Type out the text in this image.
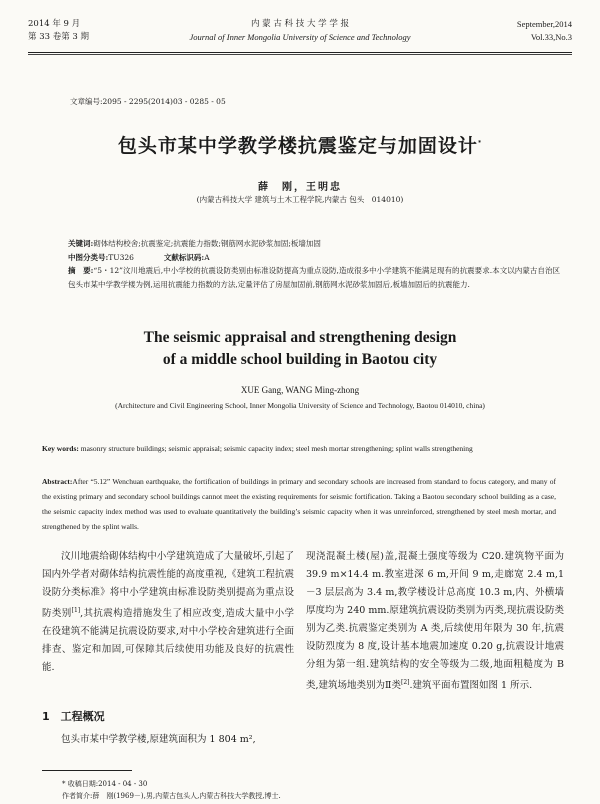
2014 年 9 月
第 33 卷第 3 期
内 蒙 古 科 技 大 学 学 报
Journal of Inner Mongolia University of Science and Technology
September,2014
Vol.33,No.3
文章编号:2095 - 2295(2014)03 - 0285 - 05
包头市某中学教学楼抗震鉴定与加固设计*
薛　刚，王明忠
(内蒙古科技大学 建筑与土木工程学院,内蒙古 包头　014010)
关键词:砌体结构校舍;抗震鉴定;抗震能力指数;钢筋网水泥砂浆加固;板墙加固
中图分类号:TU326	文献标识码:A
摘　要:“5・12”汶川地震后,中小学校的抗震设防类别由标准设防提高为重点设防,造成很多中小学建筑不能满足现有的抗震要求.本文以内蒙古自治区包头市某中学教学楼为例,运用抗震能力指数的方法,定量评估了房屋加固前,钢筋网水泥砂浆加固后,板墙加固后的抗震能力.
The seismic appraisal and strengthening design
of a middle school building in Baotou city
XUE Gang, WANG Ming-zhong
(Architecture and Civil Engineering School, Inner Mongolia University of Science and Technology, Baotou 014010, china)
Key words: masonry structure buildings; seismic appraisal; seismic capacity index; steel mesh mortar strengthening; splint walls strengthening
Abstract:After “5.12” Wenchuan earthquake, the fortification of buildings in primary and secondary schools are increased from standard to focus category, and many of the existing primary and secondary school buildings cannot meet the existing requirements for seismic fortification. Taking a Baotou secondary school building as a case, the seismic capacity index method was used to evaluate quantitatively the building’s seismic capacity when it was unreinforced, strengthened by steel mesh mortar, and strengthened by the splint walls.

汶川地震给砌体结构中小学建筑造成了大量破坏,引起了国内外学者对砌体结构抗震性能的高度重视,《建筑工程抗震设防分类标准》将中小学建筑由标准设防类别提高为重点设防类别[1],其抗震构造措施发生了相应改变,造成大量中小学在役建筑不能满足抗震设防要求,对中小学校舍建筑进行全面排查、鉴定和加固,可保障其后续使用功能及良好的抗震性能.

1　工程概况
包头市某中学教学楼,原建筑面积为 1 804 m²,

现浇混凝土楼(屋)盖,混凝土强度等级为 C20.建筑物平面为 39.9 m×14.4 m.教室进深 6 m,开间 9 m,走廊宽 2.4 m,1－3 层层高为 3.4 m,教学楼设计总高度 10.3 m,内、外横墙厚度均为 240 mm.原建筑抗震设防类别为丙类,现抗震设防类别为乙类.抗震鉴定类别为 A 类,后续使用年限为 30 年,抗震设防烈度为 8 度,设计基本地震加速度 0.20 g,抗震设计地震分组为第一组.建筑结构的安全等级为二级,地面粗糙度为 B 类,建筑场地类别为Ⅱ类[2].建筑平面布置图如图 1 所示.

* 收稿日期:2014 - 04 - 30
作者简介:薛　刚(1969－),男,内蒙古包头人,内蒙古科技大学教授,博士.
